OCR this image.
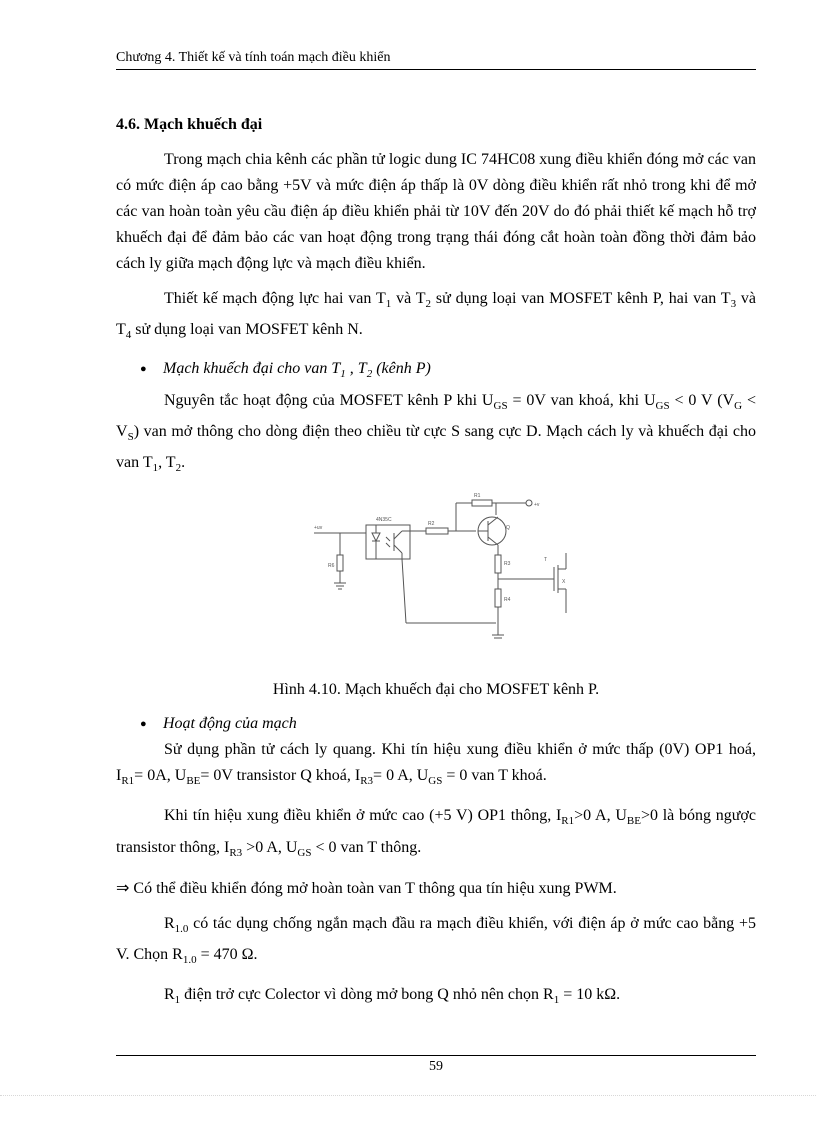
Chương 4. Thiết kế và tính toán mạch điều khiển
4.6. Mạch khuếch đại

Trong mạch chia kênh các phần tử logic dung IC 74HC08 xung điều khiển đóng mở các van có mức điện áp cao bằng +5V và mức điện áp thấp là 0V dòng điều khiển rất nhỏ trong khi để mở các van hoàn toàn yêu cầu điện áp điều khiển phải từ 10V đến 20V do đó phải thiết kế mạch hỗ trợ khuếch đại để đảm bảo các van hoạt động trong trạng thái đóng cắt hoàn toàn đồng thời đảm bảo cách ly giữa mạch động lực và mạch điều khiển.

Thiết kế mạch động lực hai van $T_1$ và $T_2$ sử dụng loại van MOSFET kênh P, hai van $T_3$ và $T_4$ sử dụng loại van MOSFET kênh N.

● Mạch khuếch đại cho van $T_1$ , $T_2$ (kênh P)

Nguyên tắc hoạt động của MOSFET kênh P khi $U_{GS} = 0V$ van khoá, khi $U_{GS} < 0$ V $(V_G < V_S)$ van mở thông cho dòng điện theo chiều từ cực S sang cực D. Mạch cách ly và khuếch đại cho van $T_1$, $T_2$.

+uv
R6
4N35C
R2
R1
+v
Q
R3
R4
T
X

Hình 4.10. Mạch khuếch đại cho MOSFET kênh P.

● Hoạt động của mạch

Sử dụng phần tử cách ly quang. Khi tín hiệu xung điều khiển ở mức thấp (0V) OP1 hoá, $I_{R1}= 0A$, $U_{BE}= 0V$ transistor Q khoá, $I_{R3}= 0$ A, $U_{GS} = 0$ van T khoá.

Khi tín hiệu xung điều khiển ở mức cao (+5 V) OP1 thông, $I_{R1}>0$ A, $U_{BE}>0$ là bóng ngược transistor thông, $I_{R3} >0$ A, $U_{GS} < 0$ van T thông.

⇒ Có thể điều khiển đóng mở hoàn toàn van T thông qua tín hiệu xung PWM.

$R_{1.0}$ có tác dụng chống ngắn mạch đầu ra mạch điều khiển, với điện áp ở mức cao bằng +5 V. Chọn $R_{1.0} = 470$ Ω.

$R_1$ điện trở cực Colector vì dòng mở bong Q nhỏ nên chọn $R_1 = 10$ kΩ.

59
